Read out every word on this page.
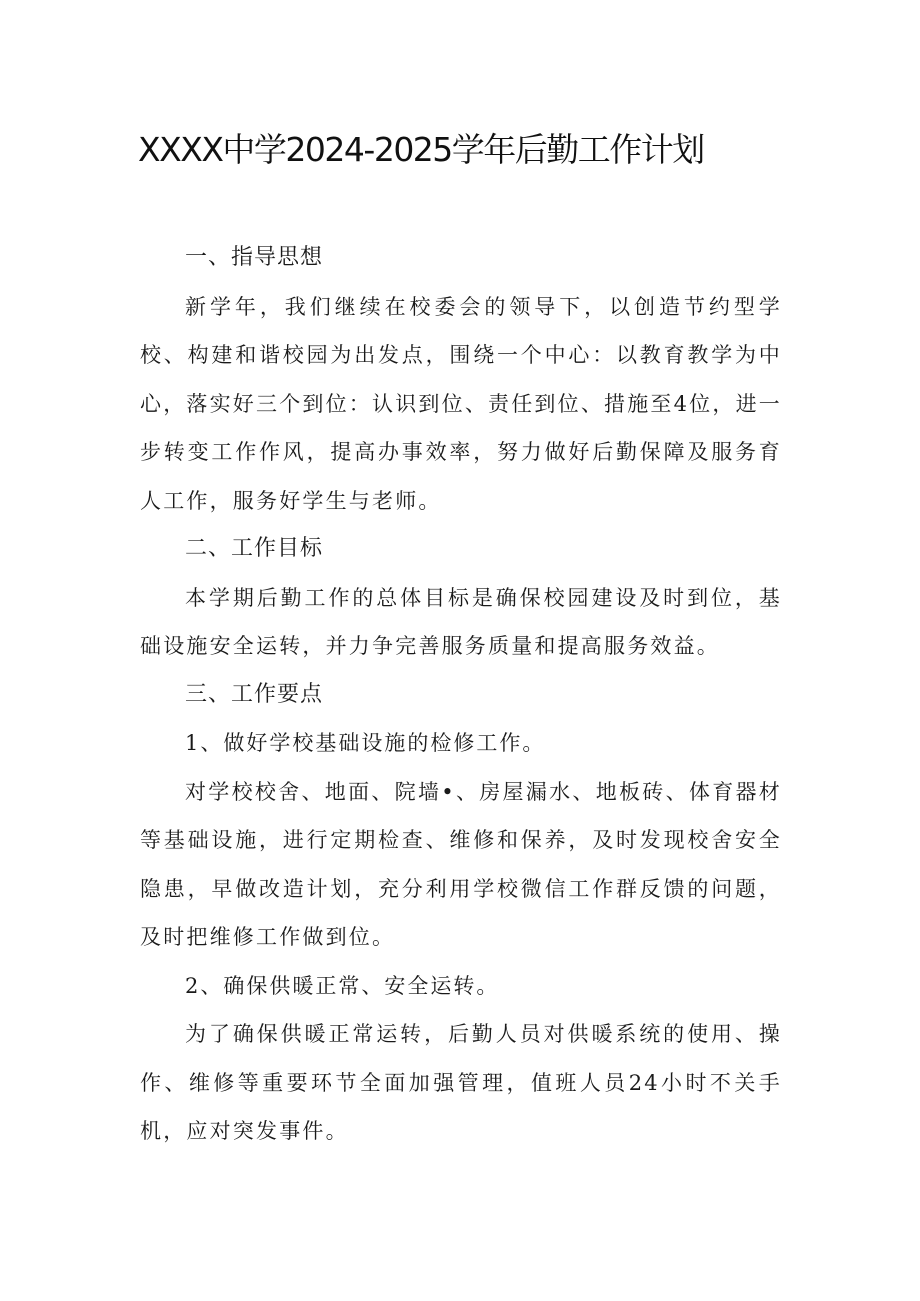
XXXX中学2024-2025学年后勤工作计划
一、指导思想

新学年，我们继续在校委会的领导下，以创造节约型学校、构建和谐校园为出发点，围绕一个中心：以教育教学为中心，落实好三个到位：认识到位、责任到位、措施至4位，进一步转变工作作风，提高办事效率，努力做好后勤保障及服务育人工作，服务好学生与老师。

二、工作目标

本学期后勤工作的总体目标是确保校园建设及时到位，基础设施安全运转，并力争完善服务质量和提高服务效益。

三、工作要点

1、做好学校基础设施的检修工作。

对学校校舍、地面、院墙•、房屋漏水、地板砖、体育器材等基础设施，进行定期检查、维修和保养，及时发现校舍安全隐患，早做改造计划，充分利用学校微信工作群反馈的问题，及时把维修工作做到位。

2、确保供暖正常、安全运转。

为了确保供暖正常运转，后勤人员对供暖系统的使用、操作、维修等重要环节全面加强管理，值班人员24小时不关手机，应对突发事件。
